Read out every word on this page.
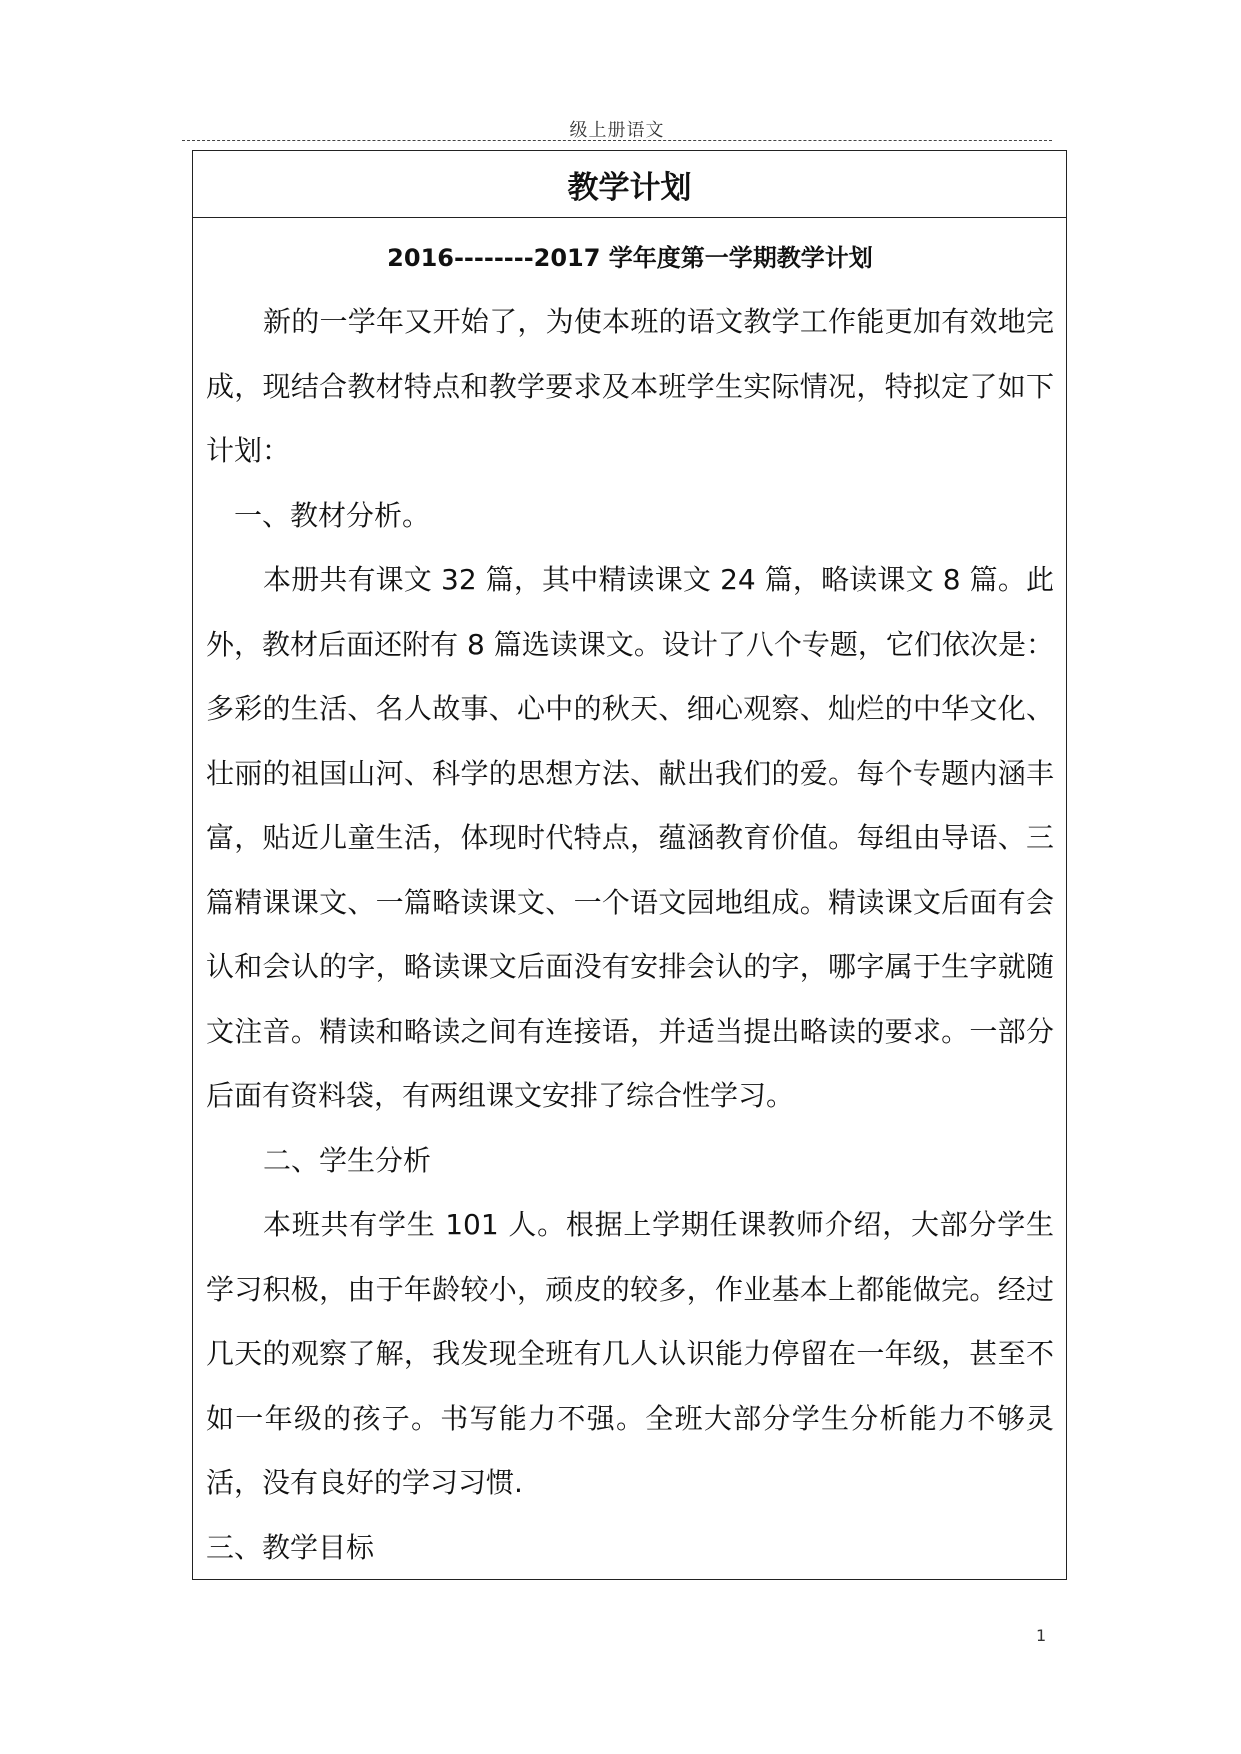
级上册语文
教学计划
2016--------2017 学年度第一学期教学计划

新的一学年又开始了，为使本班的语文教学工作能更加有效地完成，现结合教材特点和教学要求及本班学生实际情况，特拟定了如下计划：

一、教材分析。

本册共有课文 32 篇，其中精读课文 24 篇，略读课文 8 篇。此外，教材后面还附有 8 篇选读课文。设计了八个专题，它们依次是：多彩的生活、名人故事、心中的秋天、细心观察、灿烂的中华文化、壮丽的祖国山河、科学的思想方法、献出我们的爱。每个专题内涵丰富，贴近儿童生活，体现时代特点，蕴涵教育价值。每组由导语、三篇精课课文、一篇略读课文、一个语文园地组成。精读课文后面有会认和会认的字，略读课文后面没有安排会认的字，哪字属于生字就随文注音。精读和略读之间有连接语，并适当提出略读的要求。一部分后面有资料袋，有两组课文安排了综合性学习。

二、学生分析

本班共有学生 101 人。根据上学期任课教师介绍，大部分学生学习积极，由于年龄较小，顽皮的较多，作业基本上都能做完。经过几天的观察了解，我发现全班有几人认识能力停留在一年级，甚至不如一年级的孩子。书写能力不强。全班大部分学生分析能力不够灵活，没有良好的学习习惯.

三、教学目标

1
